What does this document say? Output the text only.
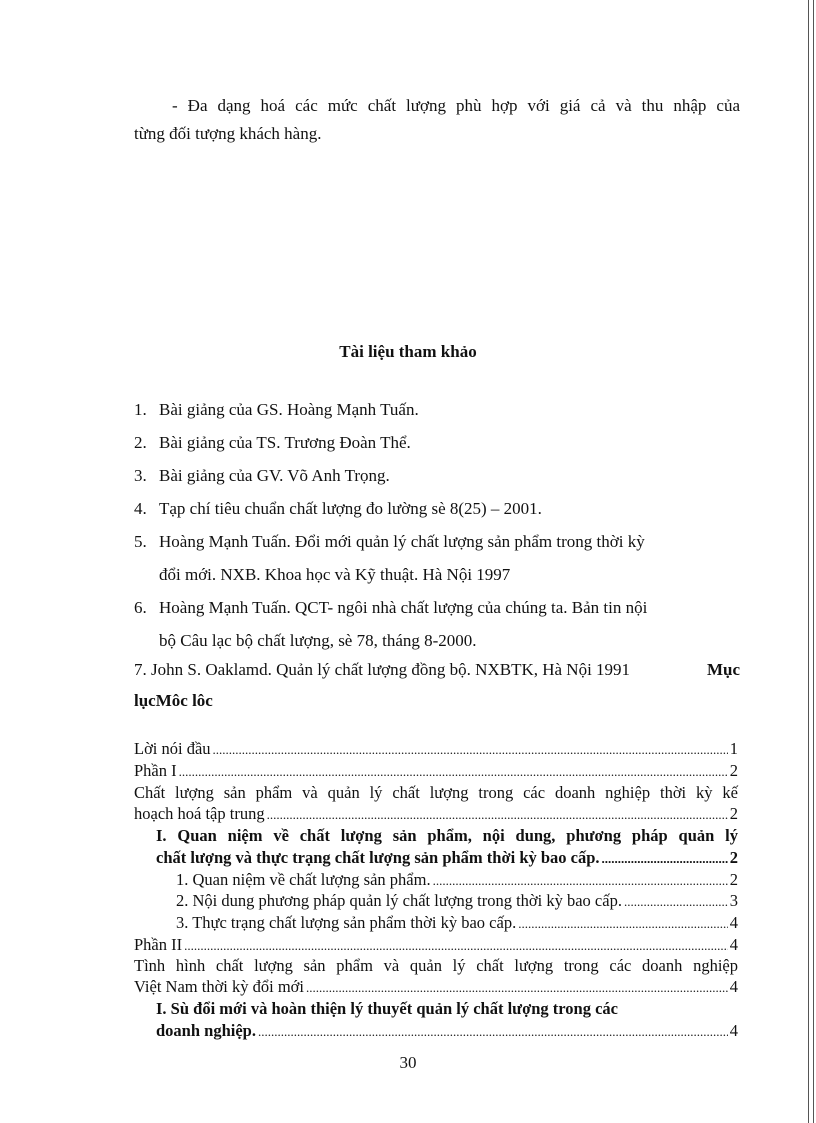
- Đa dạng hoá các mức chất lượng phù hợp với giá cả và thu nhập của
từng đối tượng khách hàng.
Tài liệu tham khảo
1. Bài giảng của GS. Hoàng Mạnh Tuấn.
2. Bài giảng của TS. Trương Đoàn Thể.
3. Bài giảng của GV. Võ Anh Trọng.
4. Tạp chí tiêu chuẩn chất lượng đo lường sè 8(25) – 2001.
5. Hoàng Mạnh Tuấn. Đổi mới quản lý chất lượng sản phẩm trong thời kỳ
đổi mới. NXB. Khoa học và Kỹ thuật. Hà Nội 1997
6. Hoàng Mạnh Tuấn. QCT- ngôi nhà chất lượng của chúng ta. Bản tin nội
bộ Câu lạc bộ chất lượng, sè 78, tháng 8-2000.
7. John S. Oaklamd. Quản lý chất lượng đồng bộ. NXBTK, Hà Nội 1991	Mục
lụcMôc lôc
Lời nói đầu .....	1
Phần I .....	2
Chất lượng sản phẩm và quản lý chất lượng trong các doanh nghiệp thời kỳ kế
hoạch hoá tập trung .....	2
I. Quan niệm về chất lượng sản phẩm, nội dung, phương pháp quản lý
chất lượng và thực trạng chất lượng sản phẩm thời kỳ bao cấp. .....	2
1. Quan niệm về chất lượng sản phẩm. .....	2
2. Nội dung phương pháp quản lý chất lượng trong thời kỳ bao cấp. .....	3
3. Thực trạng chất lượng sản phẩm thời kỳ bao cấp. .....	4
Phần II .....	4
Tình hình chất lượng sản phẩm và quản lý chất lượng trong các doanh nghiệp
Việt Nam thời kỳ đổi mới .....	4
I. Sù đổi mới và hoàn thiện lý thuyết quản lý chất lượng trong các
doanh nghiệp. .....	4
30
